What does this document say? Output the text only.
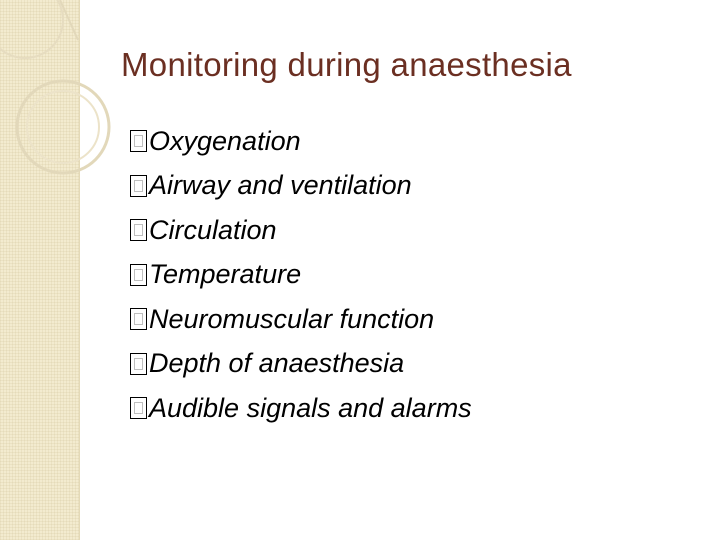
Monitoring during anaesthesia
Oxygenation
Airway and ventilation
Circulation
Temperature
Neuromuscular function
Depth of anaesthesia
Audible signals and alarms
